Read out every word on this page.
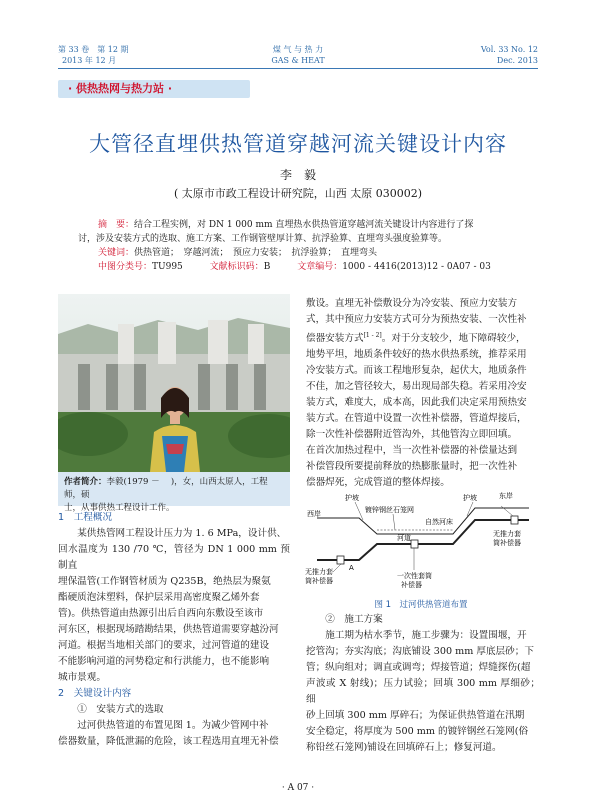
第 33 卷　第 12 期
2013 年 12 月
煤 气 与 热 力
GAS & HEAT
Vol. 33 No. 12
Dec. 2013
· 供热热网与热力站 ·
大管径直埋供热管道穿越河流关键设计内容
李　毅
( 太原市市政工程设计研究院，山西 太原 030002)
摘　要：结合工程实例，对 DN 1 000 mm 直埋热水供热管道穿越河流关键设计内容进行了探
讨，涉及安装方式的选取、施工方案、工作钢管壁厚计算、抗浮验算、直埋弯头强度验算等。
关键词：供热管道；　穿越河流；　预应力安装；　抗浮验算；　直埋弯头
中图分类号：TU995	文献标识码：B	文章编号：1000 - 4416(2013)12 - 0A07 - 03
作者简介：李毅(1979 － 　)，女，山西太原人，工程师，硕
士，从事供热工程设计工作。
1　工程概况

某供热管网工程设计压力为 1. 6 MPa，设计供、

回水温度为 130 /70 ℃，管径为 DN 1 000 mm 预制直

埋保温管(工作钢管材质为 Q235B，绝热层为聚氨

酯硬质泡沫塑料，保护层采用高密度聚乙烯外套

管)。供热管道由热源引出后自西向东敷设至该市

河东区，根据现场踏勘结果，供热管道需要穿越汾河

河道。根据当地相关部门的要求，过河管道的建设

不能影响河道的河势稳定和行洪能力，也不能影响

城市景观。

2　关键设计内容

①　安装方式的选取

过河供热管道的布置见图 1。为减少管网中补

偿器数量，降低泄漏的危险，该工程选用直埋无补偿

敷设。直埋无补偿敷设分为冷安装、预应力安装方

式，其中预应力安装方式可分为预热安装、一次性补

偿器安装方式[1 - 2]。对于分支较少，地下障碍较少，

地势平坦，地质条件较好的热水供热系统，推荐采用

冷安装方式。而该工程地形复杂，起伏大，地质条件

不佳，加之管径较大，易出现局部失稳。若采用冷安

装方式，难度大，成本高，因此我们决定采用预热安

装方式。在管道中设置一次性补偿器，管道焊接后，

除一次性补偿器附近管沟外，其他管沟立即回填。

在首次加热过程中，当一次性补偿器的补偿量达到

补偿管段所要提前释放的热膨胀量时，把一次性补

偿器焊死，完成管道的整体焊接。

西岸
东岸
护坡	护坡
镀锌钢丝石笼网
自然河床
河道	无推力套
筒补偿器
无推力套
筒补偿器
A
一次性套筒
补偿器
图 1　过河供热管道布置

②　施工方案

施工期为枯水季节，施工步骤为：设置围堰，开

挖管沟；夯实沟底；沟底铺设 300 mm 厚底层砂；下

管；纵向组对；调直或调弯；焊接管道；焊缝探伤(超

声波或 X 射线)；压力试验；回填 300 mm 厚细砂；细

砂上回填 300 mm 厚碎石；为保证供热管道在汛期

安全稳定，将厚度为 500 mm 的镀锌钢丝石笼网(俗

称铅丝石笼网)铺设在回填碎石上；修复河道。

· A 07 ·
